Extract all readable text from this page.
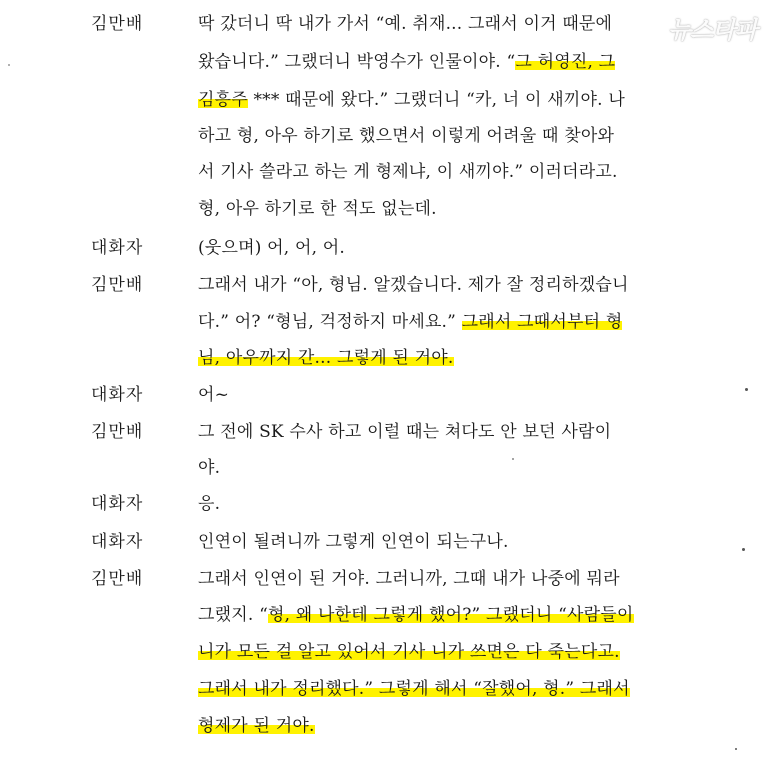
김만배	딱 갔더니 딱 내가 가서 “예. 취재... 그래서 이거 때문에
왔습니다.” 그랬더니 박영수가 인물이야. “그 허영진, 그
김흥주 *** 때문에 왔다.” 그랬더니 “카, 너 이 새끼야. 나
하고 형, 아우 하기로 했으면서 이렇게 어려울 때 찾아와
서 기사 쓸라고 하는 게 형제냐, 이 새끼야.” 이러더라고.
형, 아우 하기로 한 적도 없는데.
대화자	(웃으며) 어, 어, 어.
김만배	그래서 내가 “아, 형님. 알겠습니다. 제가 잘 정리하겠습니
다.” 어? “형님, 걱정하지 마세요.” 그래서 그때서부터 형
님, 아우까지 간... 그렇게 된 거야.
대화자	어~
김만배	그 전에 SK 수사 하고 이럴 때는 쳐다도 안 보던 사람이
야.
대화자	응.
대화자	인연이 될려니까 그렇게 인연이 되는구나.
김만배	그래서 인연이 된 거야. 그러니까, 그때 내가 나중에 뭐라
그랬지. “형, 왜 나한테 그렇게 했어?” 그랬더니 “사람들이
니가 모든 걸 알고 있어서 기사 니가 쓰면은 다 죽는다고.
그래서 내가 정리했다.” 그렇게 해서 “잘했어, 형.” 그래서
형제가 된 거야.
뉴스타파
